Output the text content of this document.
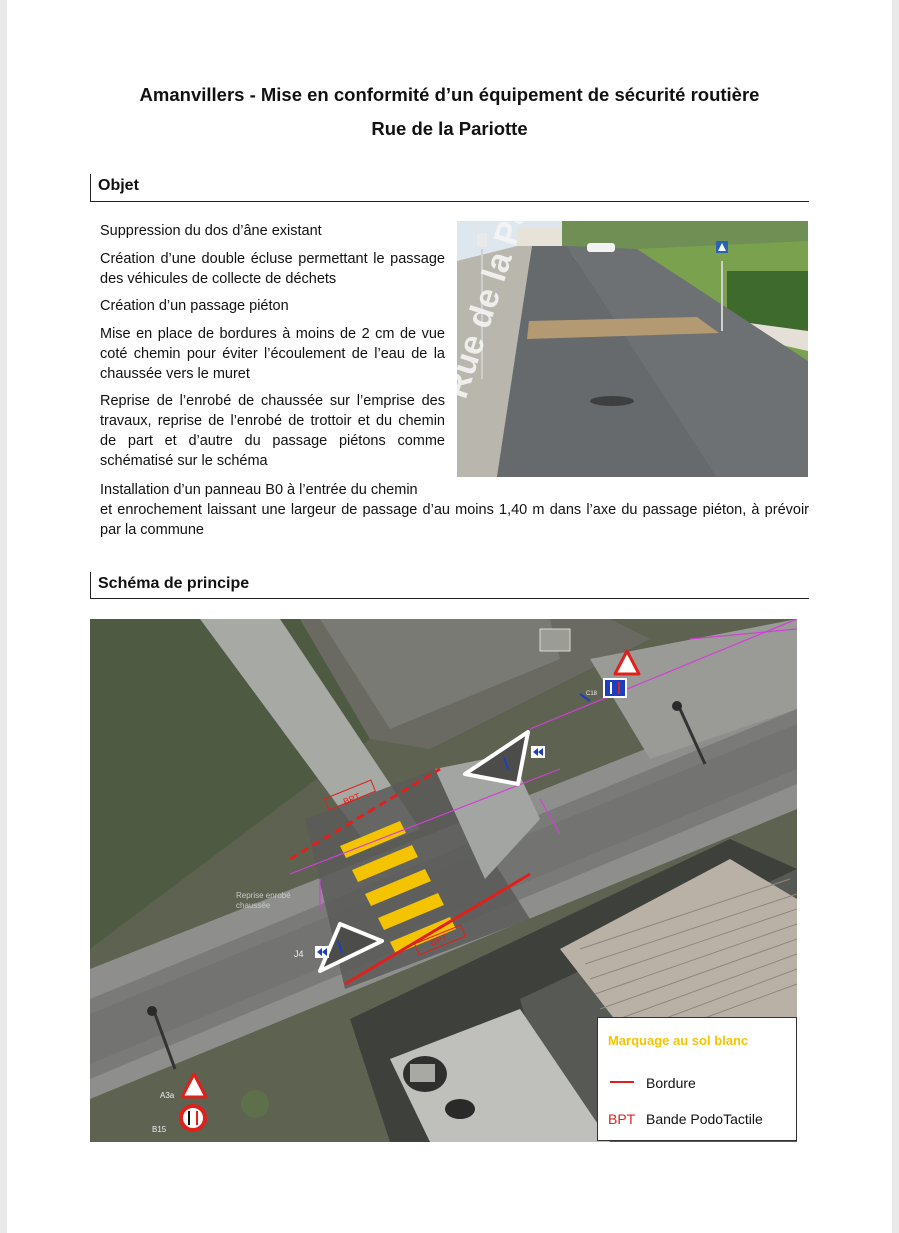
Amanvillers - Mise en conformité d’un équipement de sécurité routière
Rue de la Pariotte
Objet
Suppression du dos d’âne existant
Création d’une double écluse permettant le passage des véhicules de collecte de déchets
Création d’un passage piéton
Mise en place de bordures à moins de 2 cm de vue coté chemin pour éviter l’écoulement de l’eau de la chaussée vers le muret
Reprise de l’enrobé de chaussée sur l’emprise des travaux, reprise de l’enrobé de trottoir et du chemin de part et d’autre du passage piétons comme schématisé sur le schéma
Installation d’un panneau B0 à l’entrée du chemin
et enrochement laissant une largeur de passage d’au moins 1,40 m dans l’axe du passage piéton, à prévoir par la commune
Rue de la
Schéma de principe
BPT
BPT
Reprise enrobé chaussée
J4
A3a
B15
C18
Marquage au sol blanc
Bordure
BPT Bande PodoTactile
